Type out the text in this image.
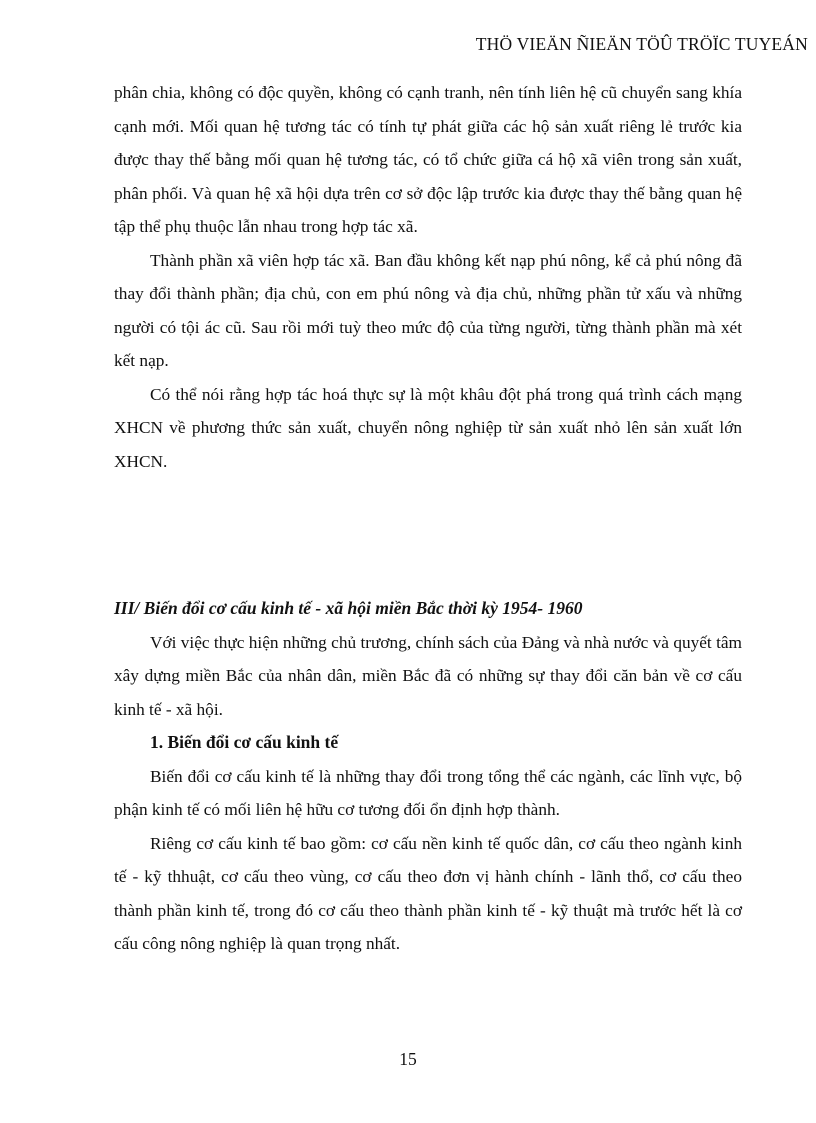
THÖ VIEÄN ÑIEÄN TÖÛ TRÖÏC TUYEÁN

phân chia, không có độc quyền, không có cạnh tranh, nên tính liên hệ cũ chuyển sang khía cạnh mới. Mối quan hệ tương tác có tính tự phát giữa các hộ sản xuất riêng lẻ trước kia được thay thế bằng mối quan hệ tương tác, có tổ chức giữa cá hộ xã viên trong sản xuất, phân phối. Và quan hệ xã hội dựa trên cơ sở độc lập trước kia được thay thế bằng quan hệ tập thể phụ thuộc lẫn nhau trong hợp tác xã.

Thành phần xã viên hợp tác xã. Ban đầu không kết nạp phú nông, kể cả phú nông đã thay đổi thành phần; địa chủ, con em phú nông và địa chủ, những phần tử xấu và những người có tội ác cũ. Sau rồi mới tuỳ theo mức độ của từng người, từng thành phần mà xét kết nạp.

Có thể nói rằng hợp tác hoá thực sự là một khâu đột phá trong quá trình cách mạng XHCN về phương thức sản xuất, chuyển nông nghiệp từ sản xuất nhỏ lên sản xuất lớn XHCN.

III/ Biến đổi cơ cấu kinh tế - xã hội miền Bắc thời kỳ 1954- 1960

Với việc thực hiện những chủ trương, chính sách của Đảng và nhà nước và quyết tâm xây dựng miền Bắc của nhân dân, miền Bắc đã có những sự thay đổi căn bản về cơ cấu kinh tế - xã hội.

1. Biến đổi cơ cấu kinh tế

Biến đổi cơ cấu kinh tế là những thay đổi trong tổng thể các ngành, các lĩnh vực, bộ phận kinh tế có mối liên hệ hữu cơ tương đối ổn định hợp thành.

Riêng cơ cấu kinh tế bao gồm: cơ cấu nền kinh tế quốc dân, cơ cấu theo ngành kinh tế - kỹ thhuật, cơ cấu theo vùng, cơ cấu theo đơn vị hành chính - lãnh thổ, cơ cấu theo thành phần kinh tế, trong đó cơ cấu theo thành phần kinh tế - kỹ thuật mà trước hết là cơ cấu công nông nghiệp là quan trọng nhất.

15
